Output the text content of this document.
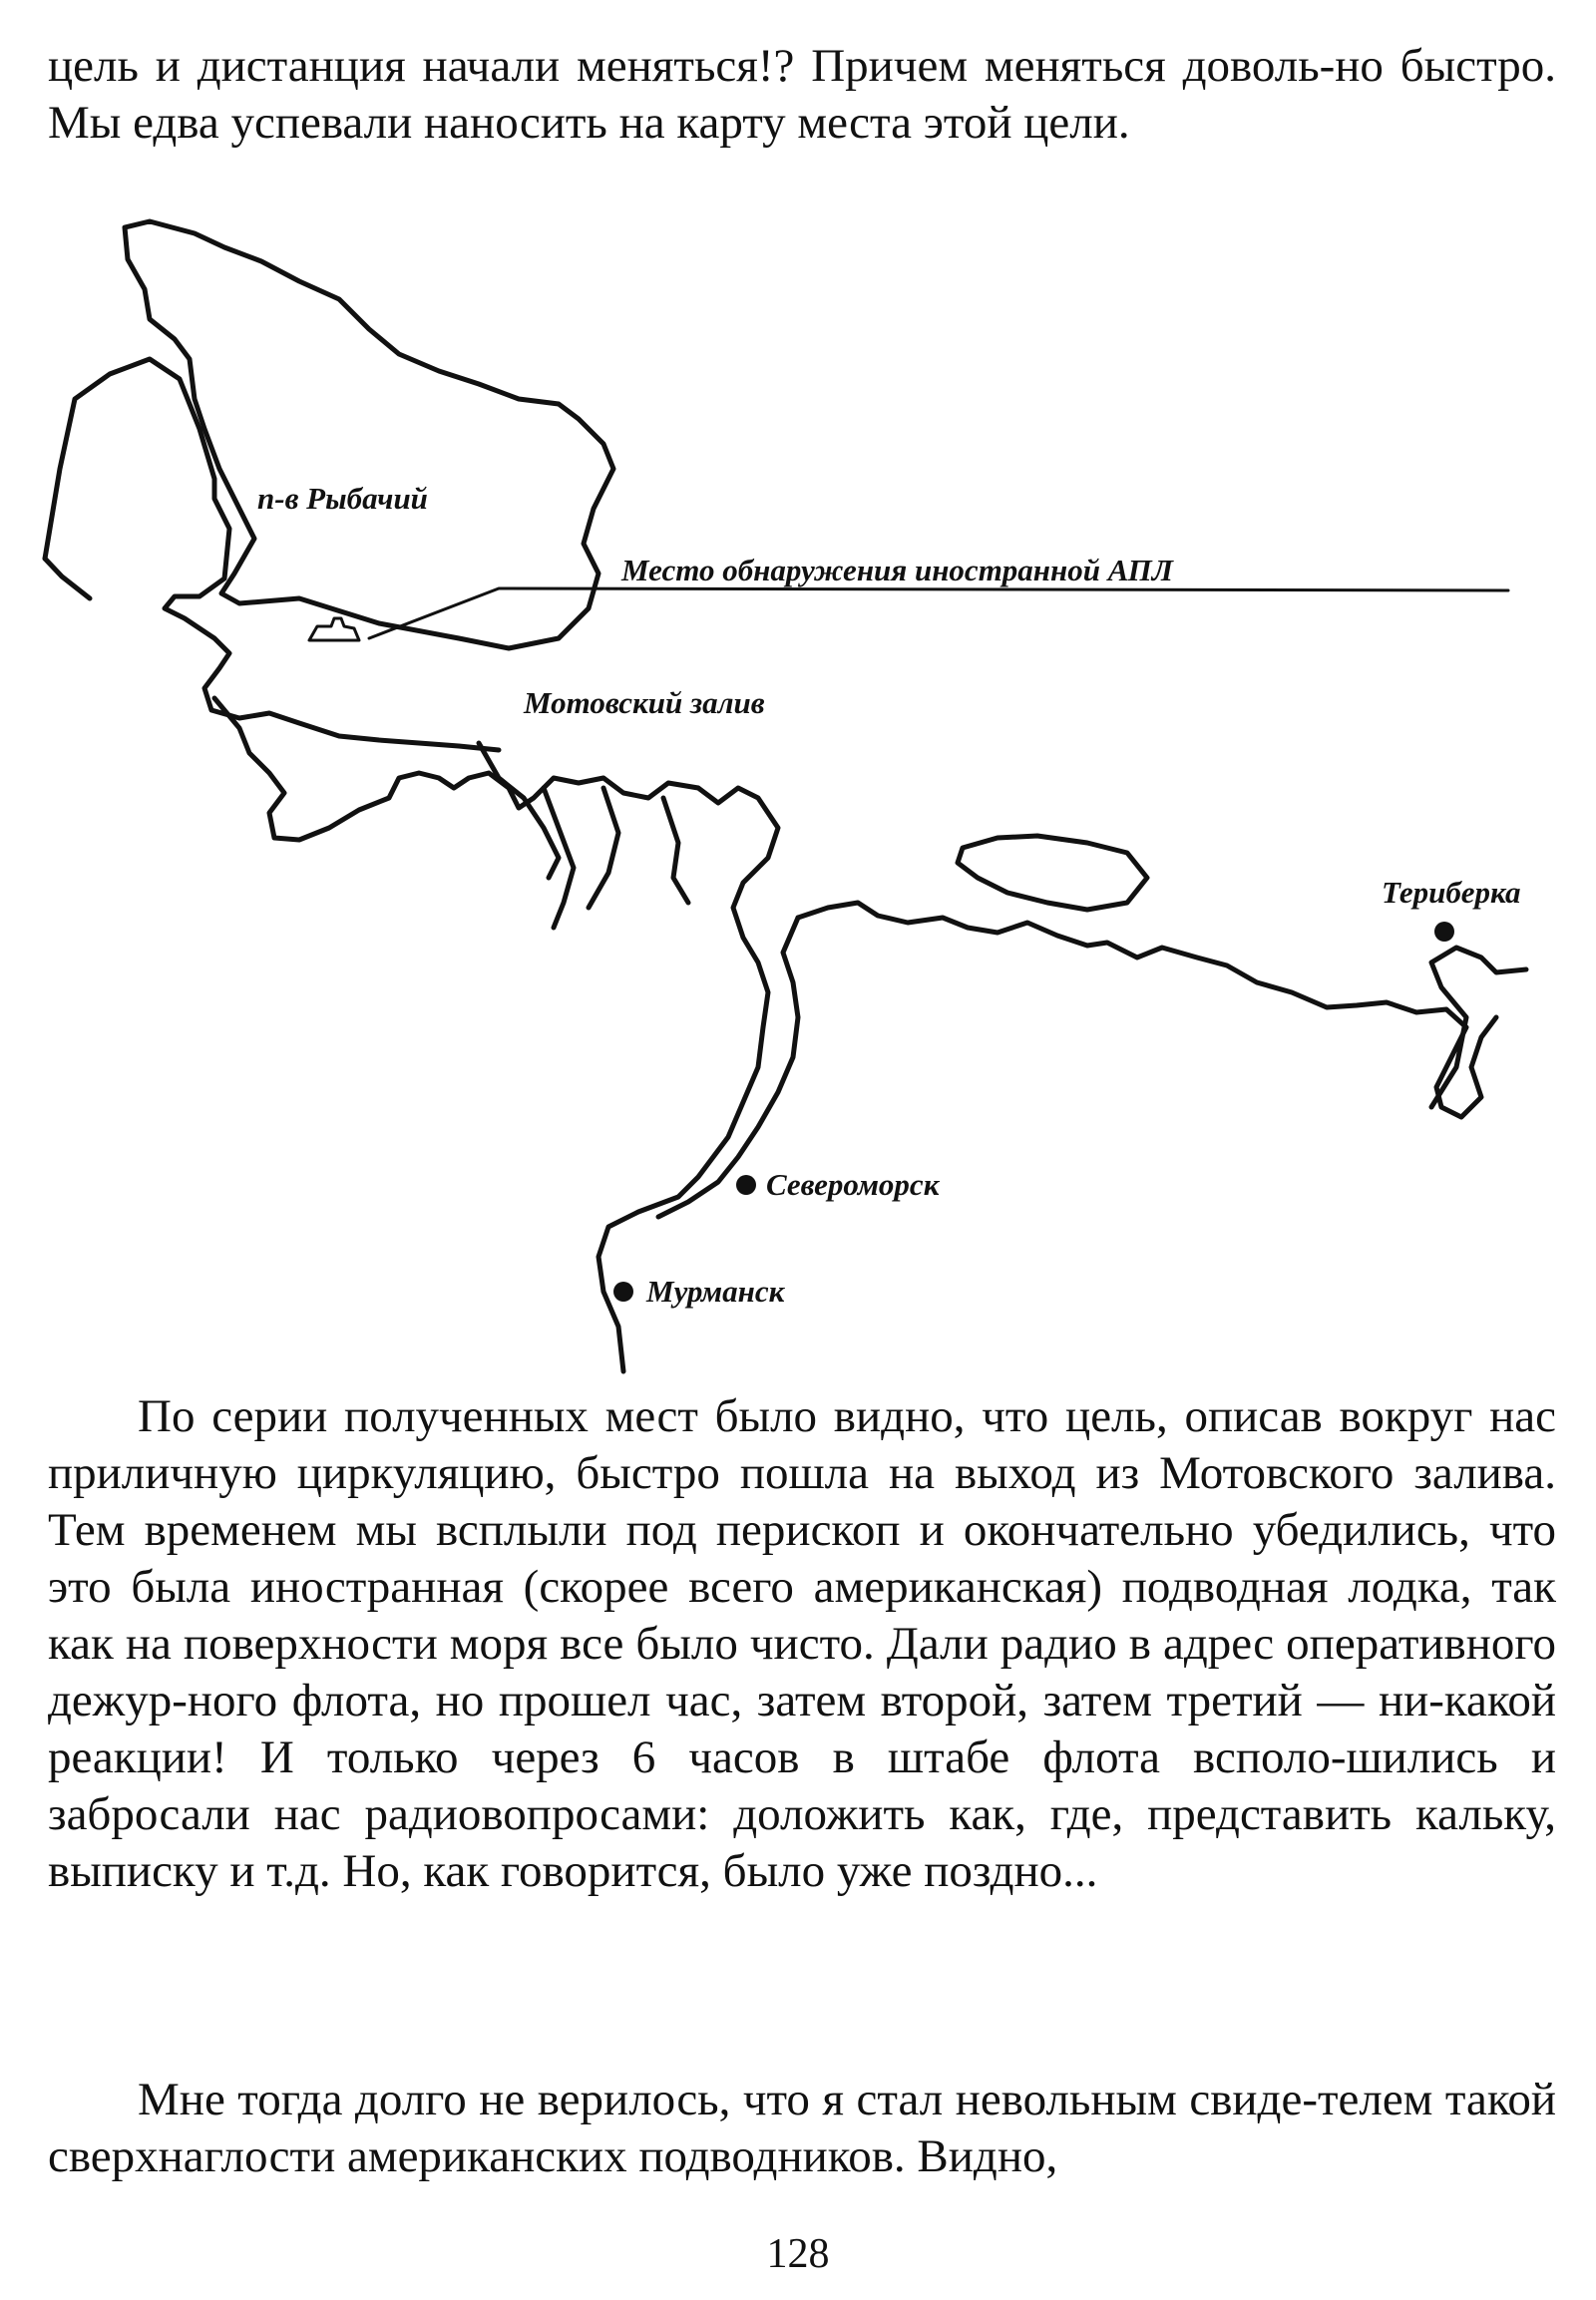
цель и дистанция начали меняться!? Причем меняться доволь-но быстро. Мы едва успевали наносить на карту места этой цели.

п-в Рыбачий
Место обнаружения иностранной АПЛ
Мотовский залив
Териберка
Североморск
Мурманск

По серии полученных мест было видно, что цель, описав вокруг нас приличную циркуляцию, быстро пошла на выход из Мотовского залива. Тем временем мы всплыли под перископ и окончательно убедились, что это была иностранная (скорее всего американская) подводная лодка, так как на поверхности моря все было чисто. Дали радио в адрес оперативного дежур-ного флота, но прошел час, затем второй, затем третий — ни-какой реакции! И только через 6 часов в штабе флота всполо-шились и забросали нас радиовопросами: доложить как, где, представить кальку, выписку и т.д. Но, как говорится, было уже поздно...

Мне тогда долго не верилось, что я стал невольным свиде-телем такой сверхнаглости американских подводников. Видно,

128
